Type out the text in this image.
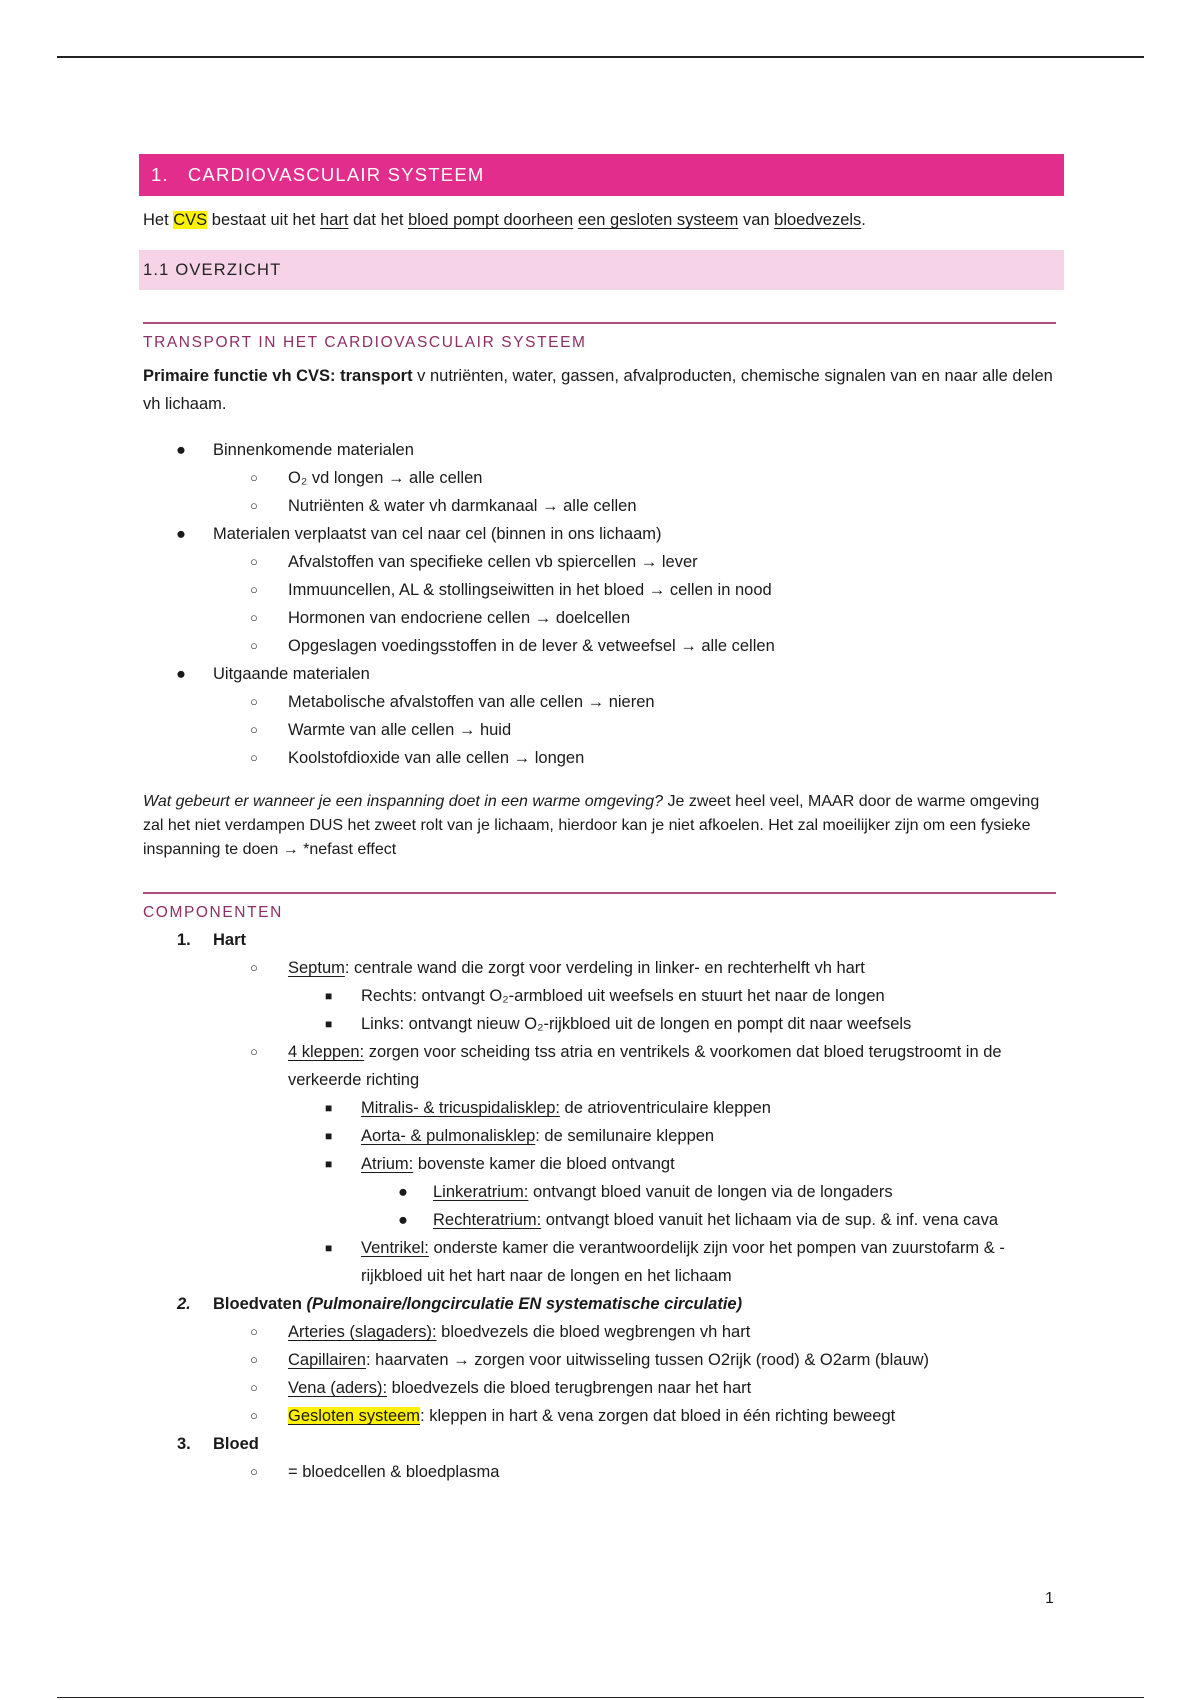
1. CARDIOVASCULAIR SYSTEEM
Het CVS bestaat uit het hart dat het bloed pompt doorheen een gesloten systeem van bloedvezels.
1.1 OVERZICHT
TRANSPORT IN HET CARDIOVASCULAIR SYSTEEM
Primaire functie vh CVS: transport v nutriënten, water, gassen, afvalproducten, chemische signalen van en naar alle delen vh lichaam.
● Binnenkomende materialen
○ O₂ vd longen → alle cellen
○ Nutriënten & water vh darmkanaal → alle cellen
● Materialen verplaatst van cel naar cel (binnen in ons lichaam)
○ Afvalstoffen van specifieke cellen vb spiercellen → lever
○ Immuuncellen, AL & stollingseiwitten in het bloed → cellen in nood
○ Hormonen van endocriene cellen → doelcellen
○ Opgeslagen voedingsstoffen in de lever & vetweefsel → alle cellen
● Uitgaande materialen
○ Metabolische afvalstoffen van alle cellen → nieren
○ Warmte van alle cellen → huid
○ Koolstofdioxide van alle cellen → longen
Wat gebeurt er wanneer je een inspanning doet in een warme omgeving? Je zweet heel veel, MAAR door de warme omgeving zal het niet verdampen DUS het zweet rolt van je lichaam, hierdoor kan je niet afkoelen. Het zal moeilijker zijn om een fysieke inspanning te doen → *nefast effect
COMPONENTEN
1. Hart
○ Septum: centrale wand die zorgt voor verdeling in linker- en rechterhelft vh hart
■ Rechts: ontvangt O₂-armbloed uit weefsels en stuurt het naar de longen
■ Links: ontvangt nieuw O₂-rijkbloed uit de longen en pompt dit naar weefsels
○ 4 kleppen: zorgen voor scheiding tss atria en ventrikels & voorkomen dat bloed terugstroomt in de verkeerde richting
■ Mitralis- & tricuspidalisklep: de atrioventriculaire kleppen
■ Aorta- & pulmonalisklep: de semilunaire kleppen
■ Atrium: bovenste kamer die bloed ontvangt
● Linkeratrium: ontvangt bloed vanuit de longen via de longaders
● Rechteratrium: ontvangt bloed vanuit het lichaam via de sup. & inf. vena cava
■ Ventrikel: onderste kamer die verantwoordelijk zijn voor het pompen van zuurstofarm & -rijkbloed uit het hart naar de longen en het lichaam
2. Bloedvaten (Pulmonaire/longcirculatie EN systematische circulatie)
○ Arteries (slagaders): bloedvezels die bloed wegbrengen vh hart
○ Capillairen: haarvaten → zorgen voor uitwisseling tussen O2rijk (rood) & O2arm (blauw)
○ Vena (aders): bloedvezels die bloed terugbrengen naar het hart
○ Gesloten systeem: kleppen in hart & vena zorgen dat bloed in één richting beweegt
3. Bloed
○ = bloedcellen & bloedplasma
1
